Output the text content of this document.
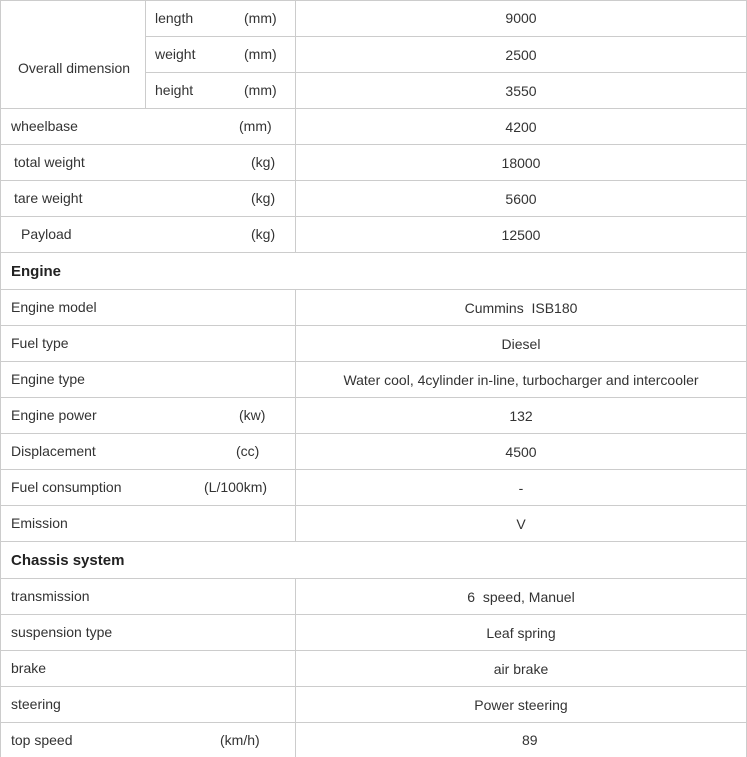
Overall dimension
length	(mm)	9000
weight	(mm)	2500
height	(mm)	3550
wheelbase	(mm)	4200
total weight	(kg)	18000
tare weight	(kg)	5600
Payload	(kg)	12500
Engine
Engine model	Cummins  ISB180
Fuel type	Diesel
Engine type	Water cool, 4cylinder in-line, turbocharger and intercooler
Engine power	(kw)	132
Displacement	(cc)	4500
Fuel consumption	(L/100km)	-
Emission	V
Chassis system
transmission	6  speed, Manuel
suspension type	Leaf spring
brake	air brake
steering	Power steering
top speed	(km/h)	89
